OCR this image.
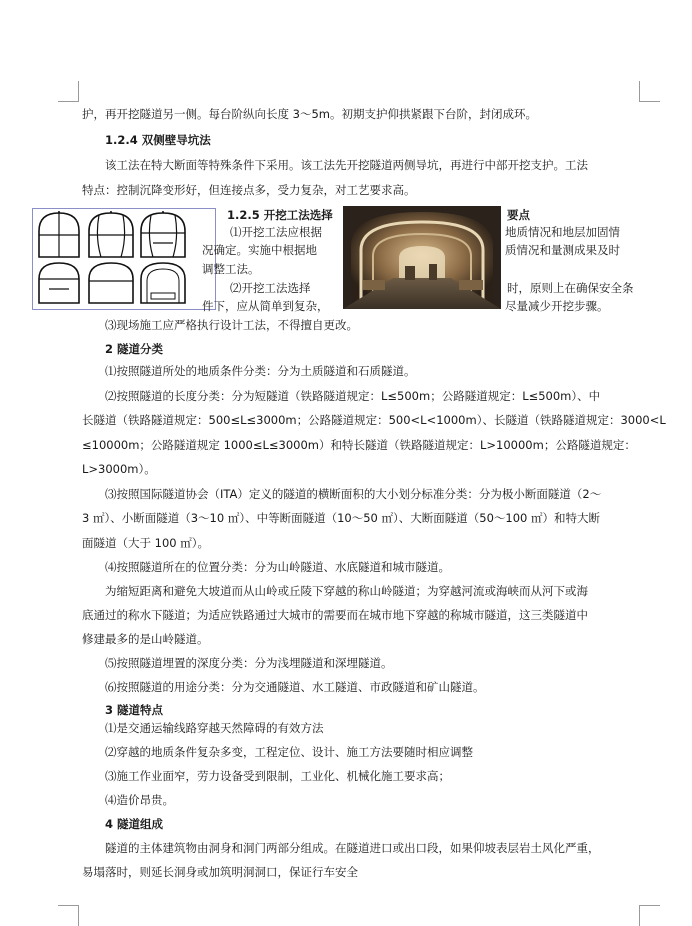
护，再开挖隧道另一侧。每台阶纵向长度 3～5m。初期支护仰拱紧跟下台阶，封闭成环。
1.2.4 双侧壁导坑法
该工法在特大断面等特殊条件下采用。该工法先开挖隧道两侧导坑，再进行中部开挖支护。工法
特点：控制沉降变形好，但连接点多，受力复杂，对工艺要求高。
1.2.5 开挖工法选择	要点
⑴开挖工法应根据	地质情况和地层加固情
况确定。实施中根据地	质情况和量测成果及时
调整工法。
⑵开挖工法选择	时，原则上在确保安全条
件下，应从简单到复杂，	尽量减少开挖步骤。
⑶现场施工应严格执行设计工法，不得擅自更改。
2 隧道分类
⑴按照隧道所处的地质条件分类：分为土质隧道和石质隧道。
⑵按照隧道的长度分类：分为短隧道（铁路隧道规定：L≤500m；公路隧道规定：L≤500m）、中
长隧道（铁路隧道规定：500≤L≤3000m；公路隧道规定：500<L<1000m）、长隧道（铁路隧道规定：3000<L
≤10000m；公路隧道规定 1000≤L≤3000m）和特长隧道（铁路隧道规定：L>10000m；公路隧道规定：
L>3000m）。
⑶按照国际隧道协会（ITA）定义的隧道的横断面积的大小划分标准分类：分为极小断面隧道（2～
3 ㎡）、小断面隧道（3～10 ㎡）、中等断面隧道（10～50 ㎡）、大断面隧道（50～100 ㎡）和特大断
面隧道（大于 100 ㎡）。
⑷按照隧道所在的位置分类：分为山岭隧道、水底隧道和城市隧道。
为缩短距离和避免大坡道而从山岭或丘陵下穿越的称山岭隧道；为穿越河流或海峡而从河下或海
底通过的称水下隧道；为适应铁路通过大城市的需要而在城市地下穿越的称城市隧道，这三类隧道中
修建最多的是山岭隧道。
⑸按照隧道埋置的深度分类：分为浅埋隧道和深埋隧道。
⑹按照隧道的用途分类：分为交通隧道、水工隧道、市政隧道和矿山隧道。
3 隧道特点
⑴是交通运输线路穿越天然障碍的有效方法
⑵穿越的地质条件复杂多变，工程定位、设计、施工方法要随时相应调整
⑶施工作业面窄，劳力设备受到限制，工业化、机械化施工要求高；
⑷造价昂贵。
4 隧道组成
隧道的主体建筑物由洞身和洞门两部分组成。在隧道进口或出口段，如果仰坡表层岩土风化严重，
易塌落时，则延长洞身或加筑明洞洞口，保证行车安全
